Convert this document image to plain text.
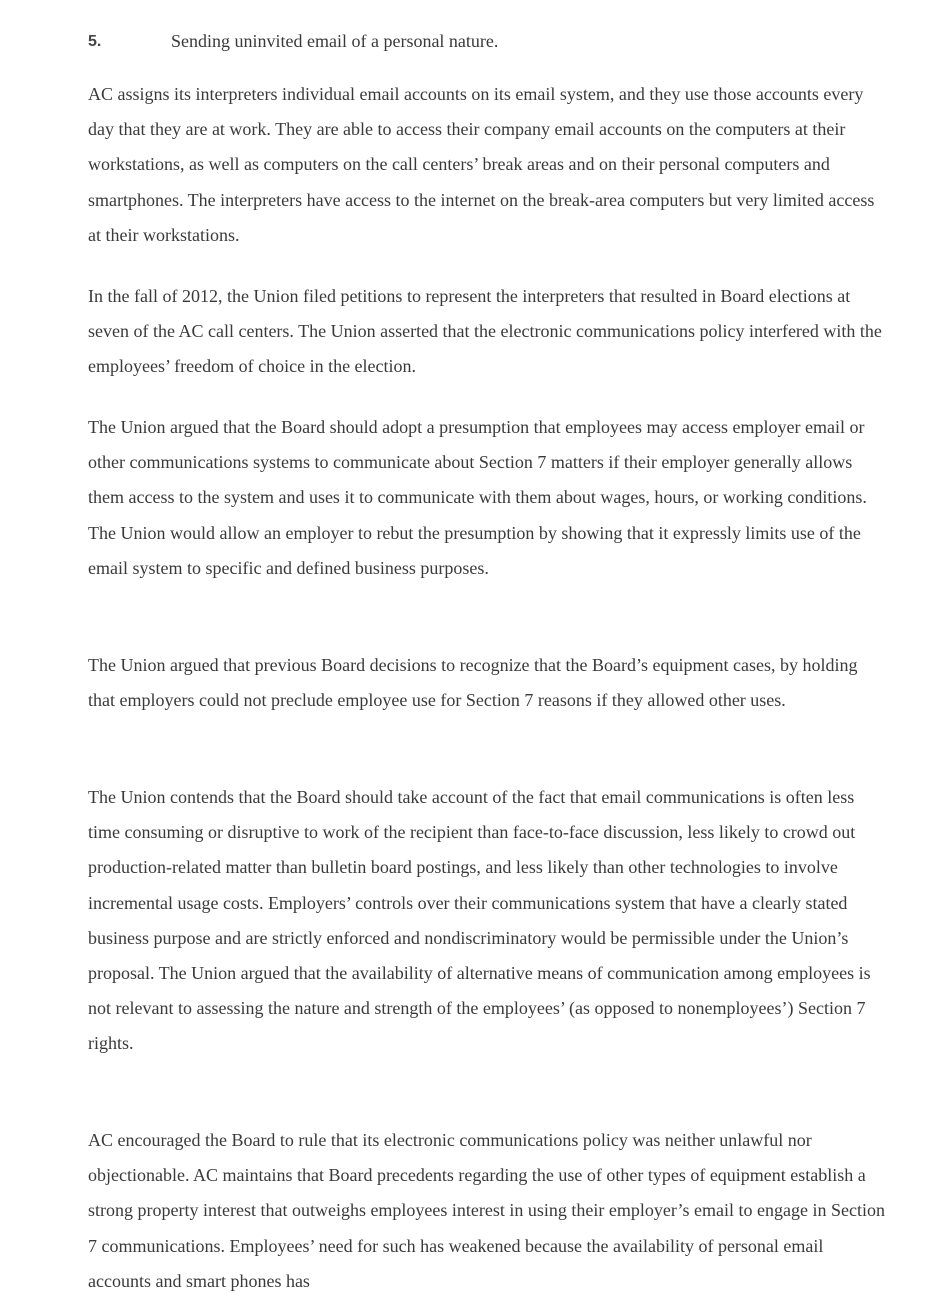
5.	Sending uninvited email of a personal nature.

AC assigns its interpreters individual email accounts on its email system, and they use those accounts every day that they are at work. They are able to access their company email accounts on the computers at their workstations, as well as computers on the call centers’ break areas and on their personal computers and smartphones. The interpreters have access to the internet on the break-area computers but very limited access at their workstations.

In the fall of 2012, the Union filed petitions to represent the interpreters that resulted in Board elections at seven of the AC call centers. The Union asserted that the electronic communications policy interfered with the employees’ freedom of choice in the election.

The Union argued that the Board should adopt a presumption that employees may access employer email or other communications systems to communicate about Section 7 matters if their employer generally allows them access to the system and uses it to communicate with them about wages, hours, or working conditions. The Union would allow an employer to rebut the presumption by showing that it expressly limits use of the email system to specific and defined business purposes.

The Union argued that previous Board decisions to recognize that the Board’s equipment cases, by holding that employers could not preclude employee use for Section 7 reasons if they allowed other uses.

The Union contends that the Board should take account of the fact that email communications is often less time consuming or disruptive to work of the recipient than face-to-face discussion, less likely to crowd out production-related matter than bulletin board postings, and less likely than other technologies to involve incremental usage costs. Employers’ controls over their communications system that have a clearly stated business purpose and are strictly enforced and nondiscriminatory would be permissible under the Union’s proposal. The Union argued that the availability of alternative means of communication among employees is not relevant to assessing the nature and strength of the employees’ (as opposed to nonemployees’) Section 7 rights.

AC encouraged the Board to rule that its electronic communications policy was neither unlawful nor objectionable. AC maintains that Board precedents regarding the use of other types of equipment establish a strong property interest that outweighs employees interest in using their employer’s email to engage in Section 7 communications. Employees’ need for such has weakened because the availability of personal email accounts and smart phones has
